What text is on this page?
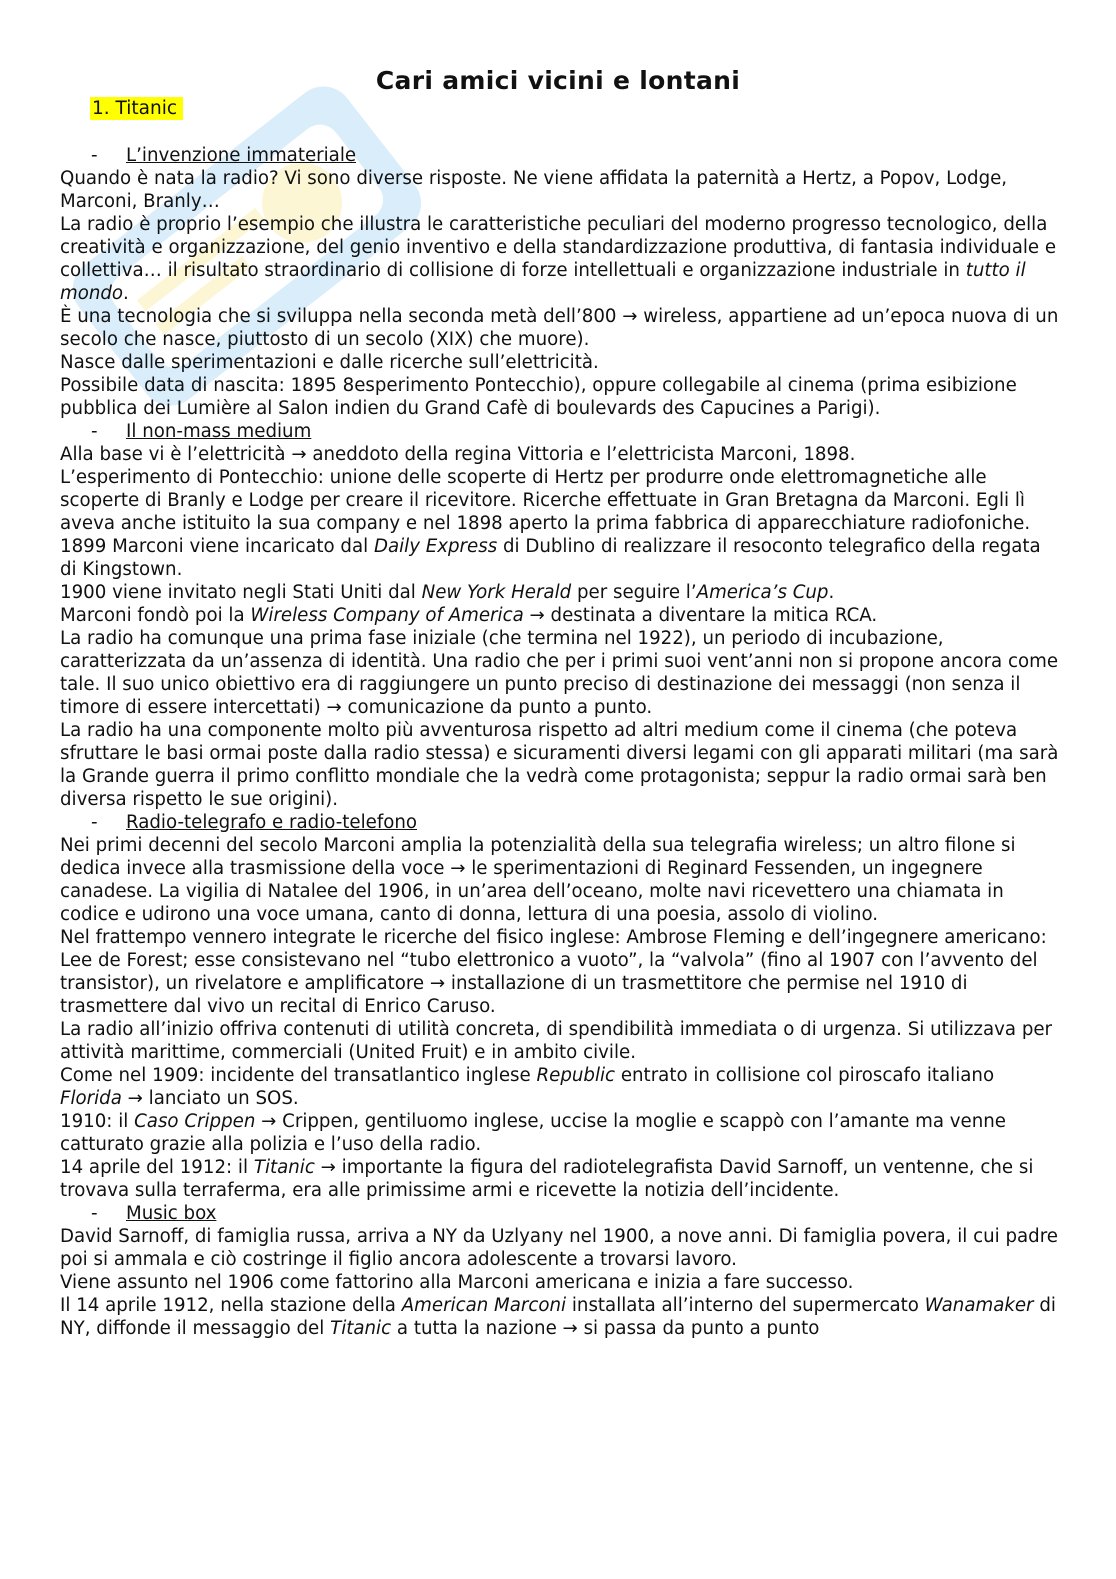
Cari amici vicini e lontani
1. Titanic
-	L’invenzione immateriale

Quando è nata la radio? Vi sono diverse risposte. Ne viene affidata la paternità a Hertz, a Popov, Lodge, Marconi, Branly…

La radio è proprio l’esempio che illustra le caratteristiche peculiari del moderno progresso tecnologico, della creatività e organizzazione, del genio inventivo e della standardizzazione produttiva, di fantasia individuale e collettiva… il risultato straordinario di collisione di forze intellettuali e organizzazione industriale in tutto il mondo.

È una tecnologia che si sviluppa nella seconda metà dell’800 → wireless, appartiene ad un’epoca nuova di un secolo che nasce, piuttosto di un secolo (XIX) che muore).

Nasce dalle sperimentazioni e dalle ricerche sull’elettricità.

Possibile data di nascita: 1895 8esperimento Pontecchio), oppure collegabile al cinema (prima esibizione pubblica dei Lumière al Salon indien du Grand Cafè di boulevards des Capucines a Parigi).

-	Il non-mass medium

Alla base vi è l’elettricità → aneddoto della regina Vittoria e l’elettricista Marconi, 1898.

L’esperimento di Pontecchio: unione delle scoperte di Hertz per produrre onde elettromagnetiche alle scoperte di Branly e Lodge per creare il ricevitore. Ricerche effettuate in Gran Bretagna da Marconi. Egli lì aveva anche istituito la sua company e nel 1898 aperto la prima fabbrica di apparecchiature radiofoniche.

1899 Marconi viene incaricato dal Daily Express di Dublino di realizzare il resoconto telegrafico della regata di Kingstown.

1900 viene invitato negli Stati Uniti dal New York Herald per seguire l’America’s Cup.

Marconi fondò poi la Wireless Company of America → destinata a diventare la mitica RCA.

La radio ha comunque una prima fase iniziale (che termina nel 1922), un periodo di incubazione, caratterizzata da un’assenza di identità. Una radio che per i primi suoi vent’anni non si propone ancora come tale. Il suo unico obiettivo era di raggiungere un punto preciso di destinazione dei messaggi (non senza il timore di essere intercettati) → comunicazione da punto a punto.

La radio ha una componente molto più avventurosa rispetto ad altri medium come il cinema (che poteva sfruttare le basi ormai poste dalla radio stessa) e sicuramenti diversi legami con gli apparati militari (ma sarà la Grande guerra il primo conflitto mondiale che la vedrà come protagonista; seppur la radio ormai sarà ben diversa rispetto le sue origini).

-	Radio-telegrafo e radio-telefono

Nei primi decenni del secolo Marconi amplia la potenzialità della sua telegrafia wireless; un altro filone si dedica invece alla trasmissione della voce → le sperimentazioni di Reginard Fessenden, un ingegnere canadese. La vigilia di Natalee del 1906, in un’area dell’oceano, molte navi ricevettero una chiamata in codice e udirono una voce umana, canto di donna, lettura di una poesia, assolo di violino.

Nel frattempo vennero integrate le ricerche del fisico inglese: Ambrose Fleming e dell’ingegnere americano: Lee de Forest; esse consistevano nel “tubo elettronico a vuoto”, la “valvola” (fino al 1907 con l’avvento del transistor), un rivelatore e amplificatore → installazione di un trasmettitore che permise nel 1910 di trasmettere dal vivo un recital di Enrico Caruso.

La radio all’inizio offriva contenuti di utilità concreta, di spendibilità immediata o di urgenza. Si utilizzava per attività marittime, commerciali (United Fruit) e in ambito civile.

Come nel 1909: incidente del transatlantico inglese Republic entrato in collisione col piroscafo italiano Florida → lanciato un SOS.

1910: il Caso Crippen → Crippen, gentiluomo inglese, uccise la moglie e scappò con l’amante ma venne catturato grazie alla polizia e l’uso della radio.

14 aprile del 1912: il Titanic → importante la figura del radiotelegrafista David Sarnoff, un ventenne, che si trovava sulla terraferma, era alle primissime armi e ricevette la notizia dell’incidente.

-	Music box

David Sarnoff, di famiglia russa, arriva a NY da Uzlyany nel 1900, a nove anni. Di famiglia povera, il cui padre poi si ammala e ciò costringe il figlio ancora adolescente a trovarsi lavoro.

Viene assunto nel 1906 come fattorino alla Marconi americana e inizia a fare successo.

Il 14 aprile 1912, nella stazione della American Marconi installata all’interno del supermercato Wanamaker di NY, diffonde il messaggio del Titanic a tutta la nazione → si passa da punto a punto
